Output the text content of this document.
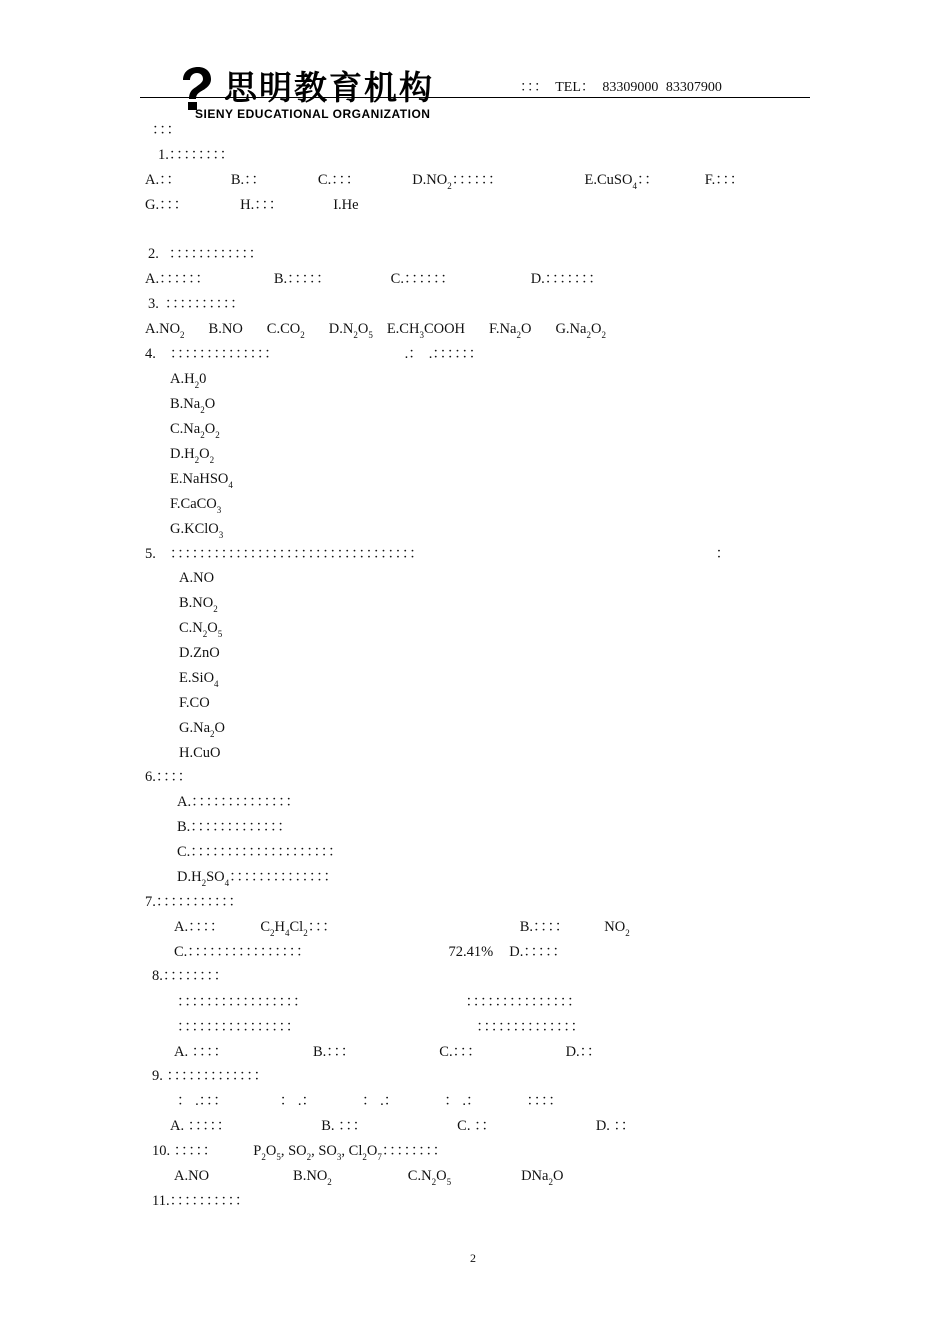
思明教育机构
SIENY EDUCATIONAL ORGANIZATION
：：： TEL： 83309000 83307900
：：：
1.：：：：：：：：
A.：：	B.：：	C.：：：	$D.NO_2$：：：：：：	E.CuSO$_4$：：	F.：：：
G.：：：	H.：：：	I.He
2. ：：：：：：：：：：：：
A.：：：：：：	B.：：：：：	C.：：：：：：	D.：：：：：：：
3. ：：：：：：：：：：
$A.NO_2$ B.NO $C.CO_2$ $D.N_2O_5$ $E.CH_3COOH$ $F.Na_2O$ $G.Na_2O_2$
4. ：：：：：：：：：：：：：：	.： .：：：：：：
$A.H_20$
$B.Na_2O$
$C.Na_2O_2$
$D.H_2O_2$
E.NaHSO$_4$
F.CaCO$_3$
G.KClO$_3$
5. ：：：：：：：：：：：：：：：：：：：：：：：：：：：：：：：：：：	：
A.NO
$B.NO_2$
$C.N_2O_5$
D.ZnO
E.SiO$_4$
F.CO
$G.Na_2O$
H.CuO
6.：：：：
A.：：：：：：：：：：：：：：
B.：：：：：：：：：：：：：
C.：：：：：：：：：：：：：：：：：：：：
$D.H_2SO_4$：：：：：：：：：：：：：：
7.：：：：：：：：：：：
A.：：：： $C_2H_4Cl_2$：：：	B.：：：： $NO_2$
C.：：：：：：：：：：：：：：：：	72.41% D.：：：：：
8.：：：：：：：：
：：：：：：：：：：：：：：：：：	：：：：：：：：：：：：：：：
：：：：：：：：：：：：：：：：	：：：：：：：：：：：：：：
A. ：：：：	B.：：：	C.：：：	D.：：
9. ：：：：：：：：：：：：：
： .：：：	： .：	： .：	： .：	：：：：
A. ：：：：：	B. ：：：	C. ：：	D. ：：
10. ：：：：： $P_2O_5$, $SO_2$, $SO_3$, $Cl_2O_7$：：：：：：：：
A.NO	$B.NO_2$	$C.N_2O_5$	DNa$_2$O
11.：：：：：：：：：：
2
